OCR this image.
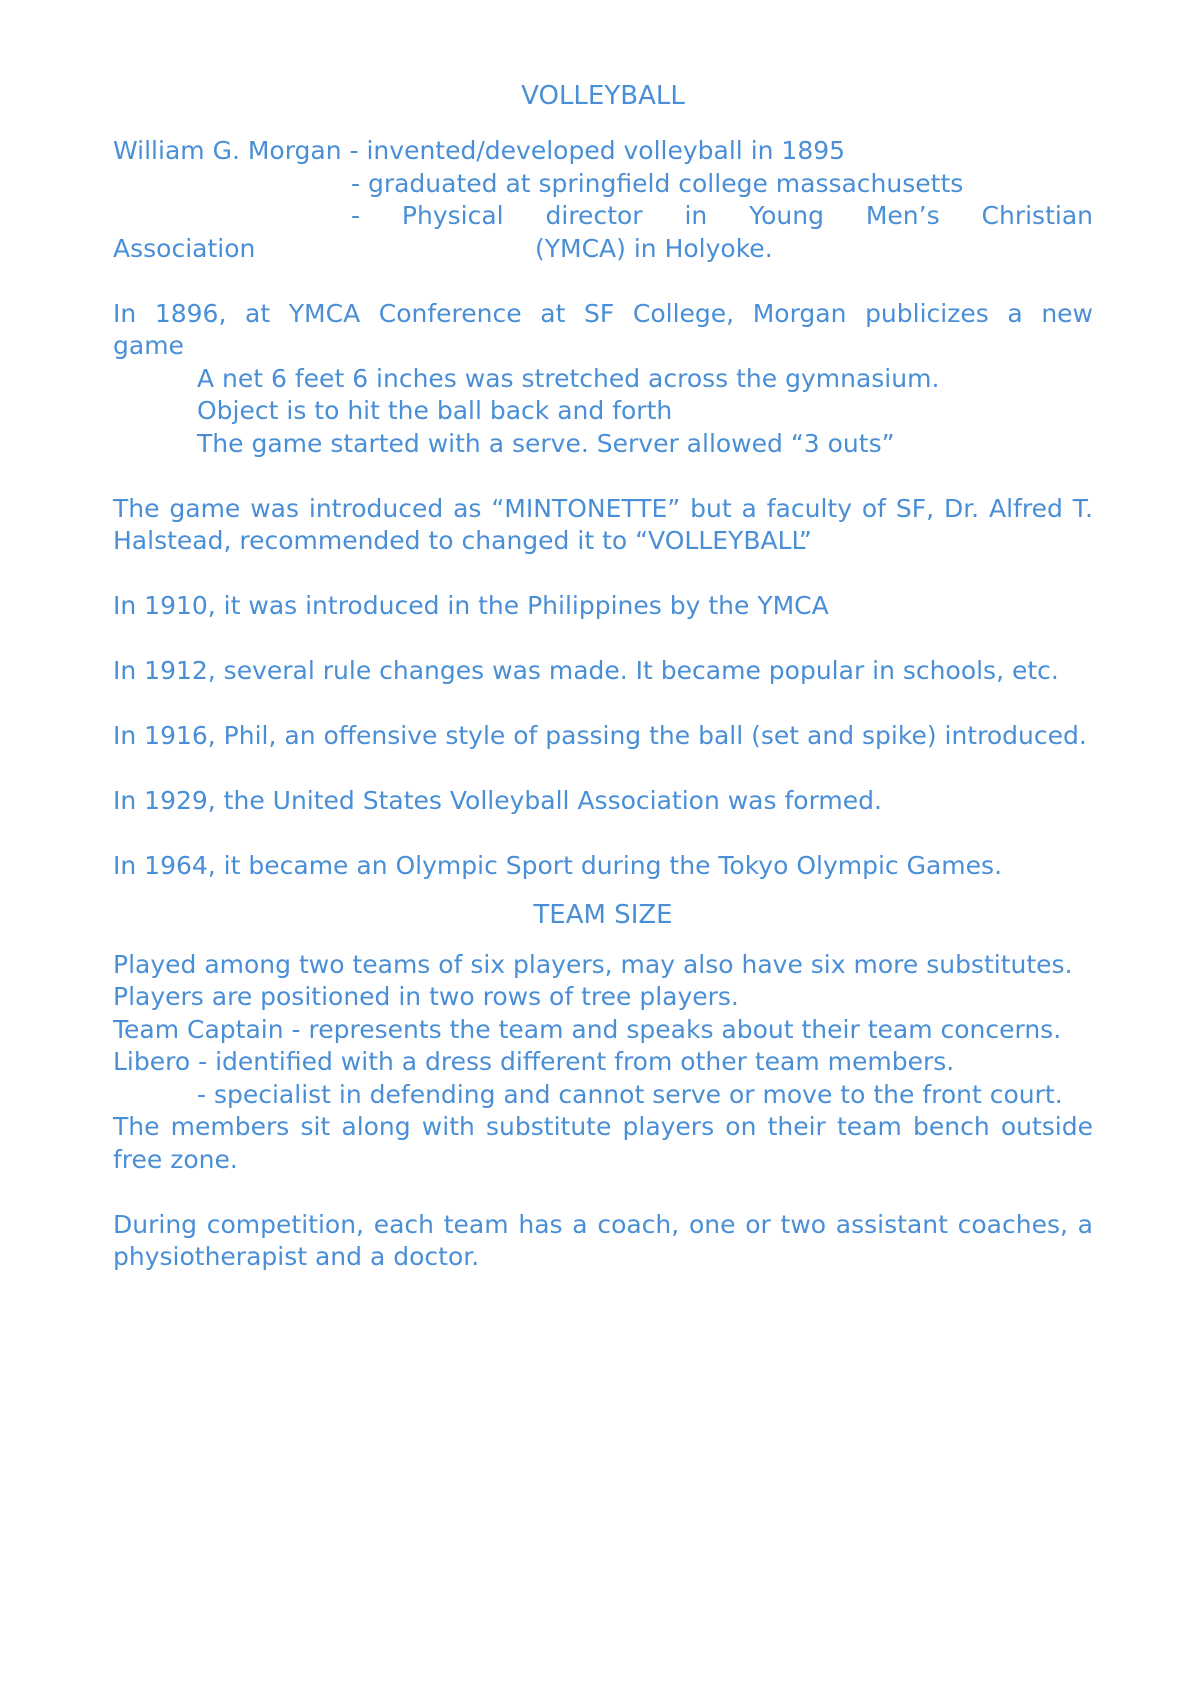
VOLLEYBALL

William G. Morgan - invented/developed volleyball in 1895

- graduated at springfield college massachusetts

- Physical director in Young Men’s Christian

Association	(YMCA) in Holyoke.

In 1896, at YMCA Conference at SF College, Morgan publicizes a new

game

A net 6 feet 6 inches was stretched across the gymnasium.

Object is to hit the ball back and forth

The game started with a serve. Server allowed “3 outs”

The game was introduced as “MINTONETTE” but a faculty of SF, Dr. Alfred T. Halstead, recommended to changed it to “VOLLEYBALL”

In 1910, it was introduced in the Philippines by the YMCA

In 1912, several rule changes was made. It became popular in schools, etc.

In 1916, Phil, an offensive style of passing the ball (set and spike) introduced.

In 1929, the United States Volleyball Association was formed.

In 1964, it became an Olympic Sport during the Tokyo Olympic Games.

TEAM SIZE

Played among two teams of six players, may also have six more substitutes.

Players are positioned in two rows of tree players.

Team Captain - represents the team and speaks about their team concerns.

Libero - identified with a dress different from other team members.

- specialist in defending and cannot serve or move to the front court.

The members sit along with substitute players on their team bench outside free zone.

During competition, each team has a coach, one or two assistant coaches, a physiotherapist and a doctor.
